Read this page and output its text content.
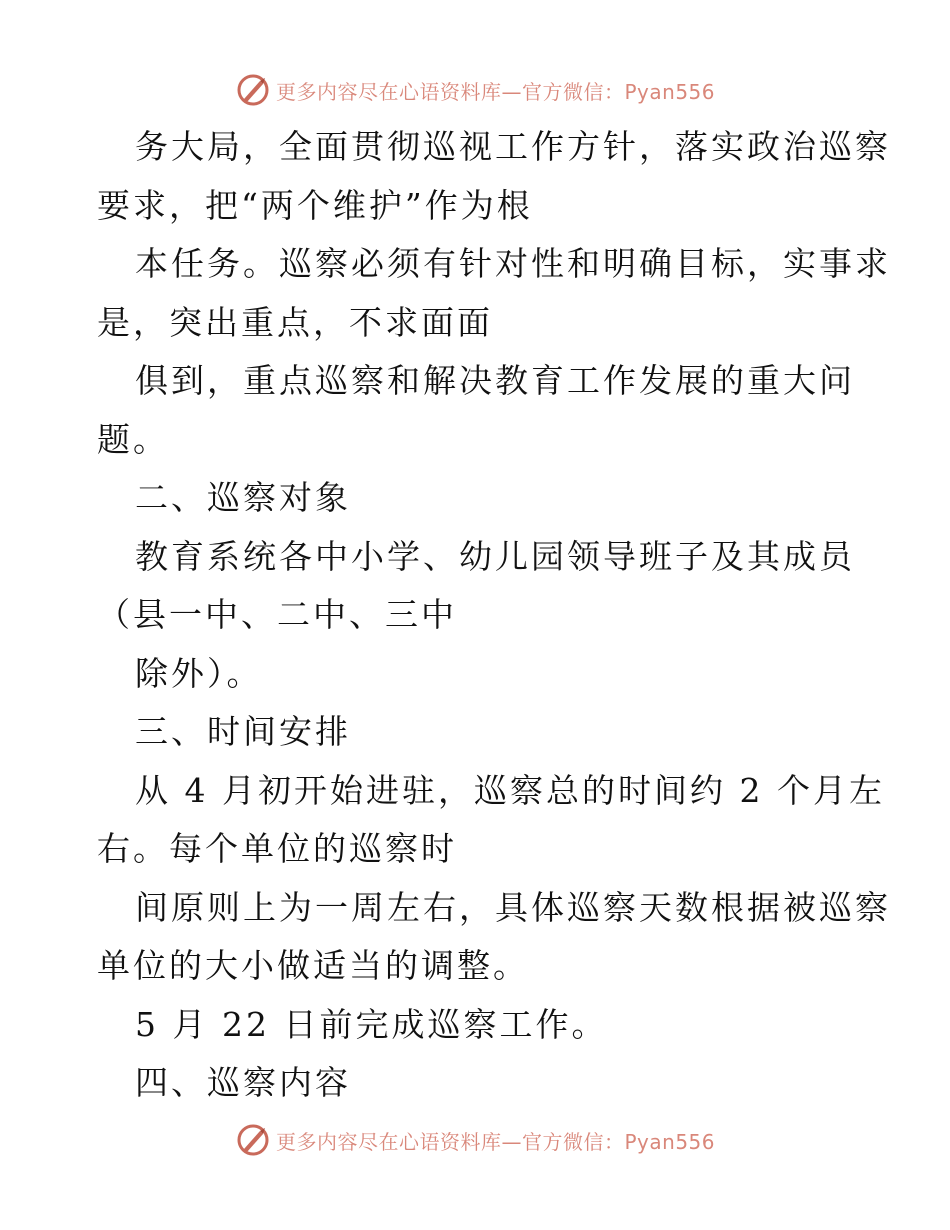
更多内容尽在心语资料库—官方微信：Pyan556

务大局，全面贯彻巡视工作方针，落实政治巡察

要求，把“两个维护”作为根

本任务。巡察必须有针对性和明确目标，实事求

是，突出重点，不求面面

俱到，重点巡察和解决教育工作发展的重大问

题。

二、巡察对象

教育系统各中小学、幼儿园领导班子及其成员

（县一中、二中、三中

除外）。

三、时间安排

从 4 月初开始进驻，巡察总的时间约 2 个月左

右。每个单位的巡察时

间原则上为一周左右，具体巡察天数根据被巡察

单位的大小做适当的调整。

5 月 22 日前完成巡察工作。

四、巡察内容

更多内容尽在心语资料库—官方微信：Pyan556
